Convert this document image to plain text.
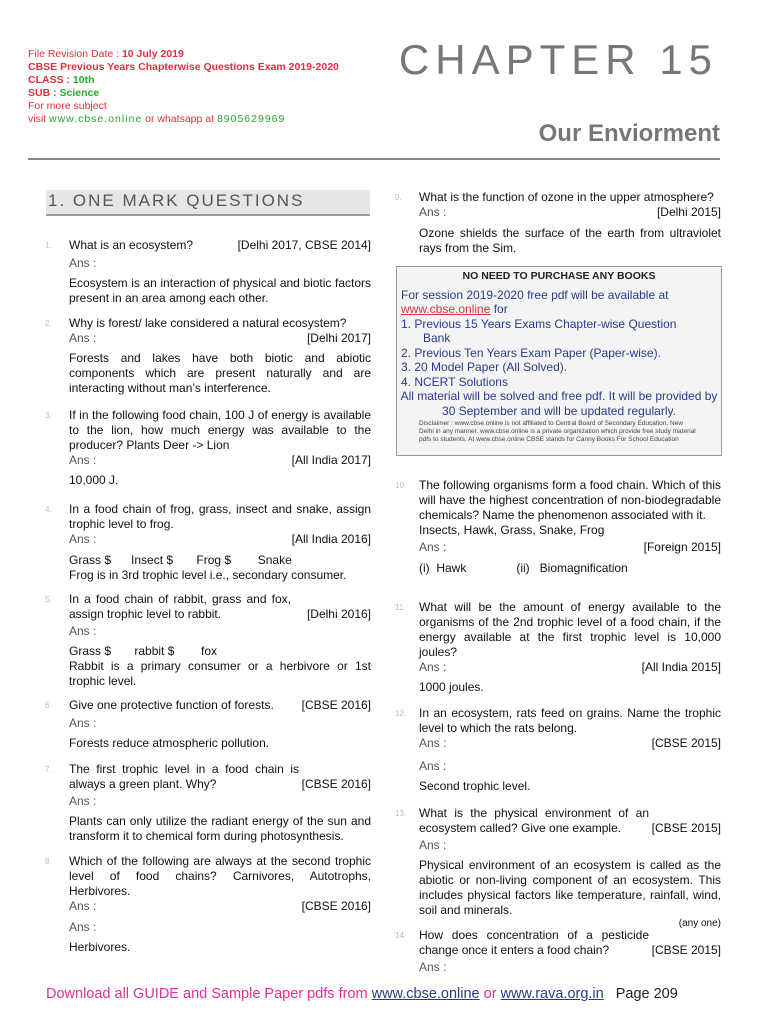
File Revision Date : 10 July 2019
CBSE Previous Years Chapterwise Questions Exam 2019-2020
CLASS : 10th
SUB : Science
For more subject
visit www.cbse.online or whatsapp at 8905629969
CHAPTER 15
Our Enviorment
1. ONE MARK QUESTIONS
1. What is an ecosystem?	[Delhi 2017, CBSE 2014]
Ans :
Ecosystem is an interaction of physical and biotic factors present in an area among each other.
2. Why is forest/ lake considered a natural ecosystem?
Ans :	[Delhi 2017]
Forests and lakes have both biotic and abiotic components which are present naturally and are interacting without man’s interference.
3. If in the following food chain, 100 J of energy is available to the lion, how much energy was available to the producer? Plants Deer -> Lion
Ans :	[All India 2017]
10,000 J.
4. In a food chain of frog, grass, insect and snake, assign trophic level to frog.
Ans :	[All India 2016]
Grass $      Insect $       Frog $        Snake
Frog is in 3rd trophic level i.e., secondary consumer.
5. In a food chain of rabbit, grass and fox, assign trophic level to rabbit.	[Delhi 2016]
Ans :
Grass $       rabbit $        fox
Rabbit is a primary consumer or a herbivore or 1st trophic level.
6. Give one protective function of forests. [CBSE 2016]
Ans :
Forests reduce atmospheric pollution.
7. The first trophic level in a food chain is always a green plant. Why?	[CBSE 2016]
Ans :
Plants can only utilize the radiant energy of the sun and transform it to chemical form during photosynthesis.
8. Which of the following are always at the second trophic level of food chains? Carnivores, Autotrophs, Herbivores.
Ans :	[CBSE 2016]
Ans :
Herbivores.
9. What is the function of ozone in the upper atmosphere?
Ans :	[Delhi 2015]
Ozone shields the surface of the earth from ultraviolet rays from the Sim.
NO NEED TO PURCHASE ANY BOOKS
For session 2019-2020 free pdf will be available at
www.cbse.online for
1. Previous 15 Years Exams Chapter-wise Question
Bank
2. Previous Ten Years Exam Paper (Paper-wise).
3. 20 Model Paper (All Solved).
4. NCERT Solutions
All material will be solved and free pdf. It will be provided by 30 September and will be updated regularly.
Disclaimer : www.cbse.online is not affiliated to Central Board of Secondary Education, New Delhi in any manner. www.cbse.online is a private organization which provide free study material pdfs to students. At www.cbse.online CBSE stands for Canny Books For School Education
10. The following organisms form a food chain. Which of this will have the highest concentration of non-biodegradable chemicals? Name the phenomenon associated with it.
Insects, Hawk, Grass, Snake, Frog
Ans :	[Foreign 2015]
(i)  Hawk               (ii)   Biomagnification
11. What will be the amount of energy available to the organisms of the 2nd trophic level of a food chain, if the energy available at the first trophic level is 10,000 joules?
Ans :	[All India 2015]
1000 joules.
12. In an ecosystem, rats feed on grains. Name the trophic level to which the rats belong.
Ans :	[CBSE 2015]
Ans :
Second trophic level.
13. What is the physical environment of an ecosystem called? Give one example.	[CBSE 2015]
Ans :
Physical environment of an ecosystem is called as the abiotic or non-living component of an ecosystem. This includes physical factors like temperature, rainfall, wind, soil and minerals.
(any one)
14. How does concentration of a pesticide change once it enters a food chain?	[CBSE 2015]
Ans :
Download all GUIDE and Sample Paper pdfs from www.cbse.online or www.rava.org.in Page 209
